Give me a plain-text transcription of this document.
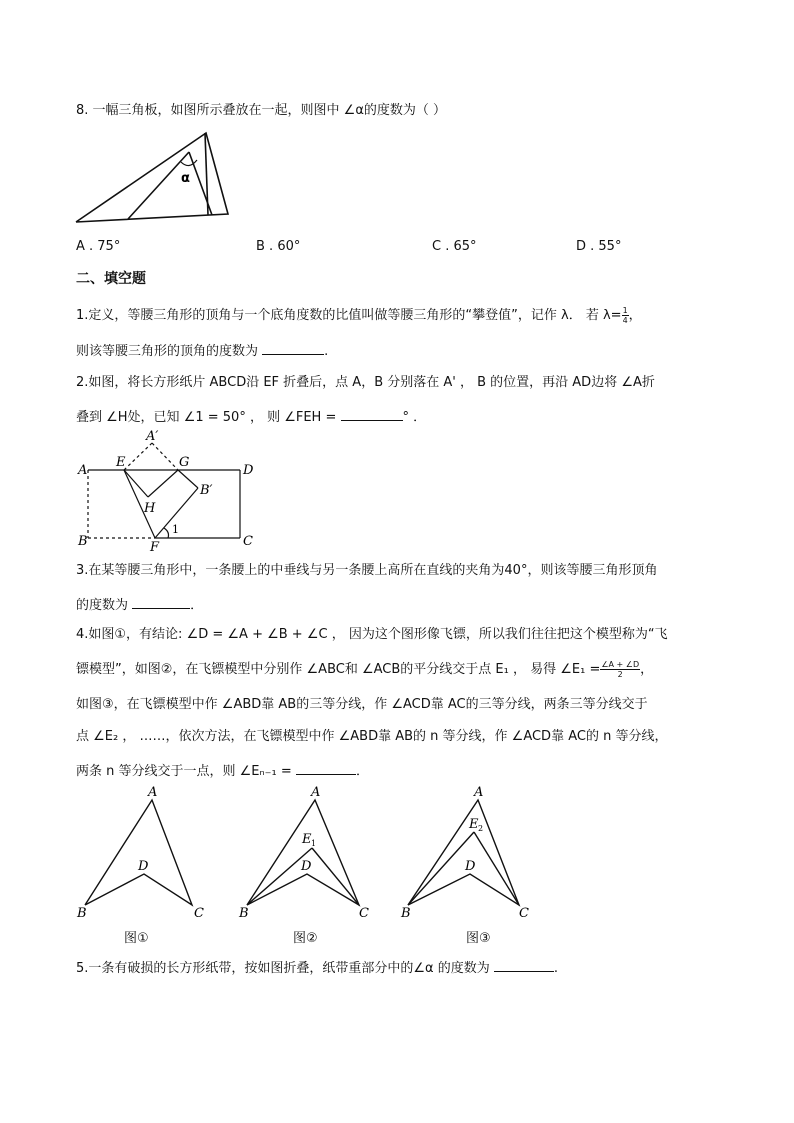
8. 一幅三角板，如图所示叠放在一起，则图中 ∠α的度数为（ ）
α
A . 75°	B . 60°	C . 65°	D . 55°
二、填空题
1.定义，等腰三角形的顶角与一个底角度数的比值叫做等腰三角形的“攀登值”，记作 λ． 若 $\lambda= \frac{1}{4}$ ，
则该等腰三角形的顶角的度数为	.
2.如图，将长方形纸片 ABCD沿 EF 折叠后，点 A，B 分别落在 A' ， B 的位置，再沿 AD边将 ∠A折
叠到 ∠H处，已知 ∠1 = 50° ， 则 ∠FEH =	° ．
A
B
D
C
E	G
A′
B′
H
F
1
3.在某等腰三角形中，一条腰上的中垂线与另一条腰上高所在直线的夹角为40°，则该等腰三角形顶角
的度数为	．
4.如图①，有结论: ∠D = ∠A + ∠B + ∠C ， 因为这个图形像飞镖，所以我们往往把这个模型称为“飞
镖模型”，如图②，在飞镖模型中分别作 ∠ABC和 ∠ACB的平分线交于点 E₁ ， 易得 ∠E₁ = $\frac{\angle A + \angle D}{2}$ ，
如图③，在飞镖模型中作 ∠ABD靠 AB的三等分线，作 ∠ACD靠 AC的三等分线，两条三等分线交于
点 ∠E₂ ， ……，依次方法，在飞镖模型中作 ∠ABD靠 AB的 n 等分线，作 ∠ACD靠 AC的 n 等分线，
两条 n 等分线交于一点，则 ∠Eₙ₋₁ =	．
A
B	C
D
A
B	C
D
E 1
A
B	C
D
E 2
图①	图②	图③
5.一条有破损的长方形纸带，按如图折叠，纸带重部分中的∠α 的度数为	.
